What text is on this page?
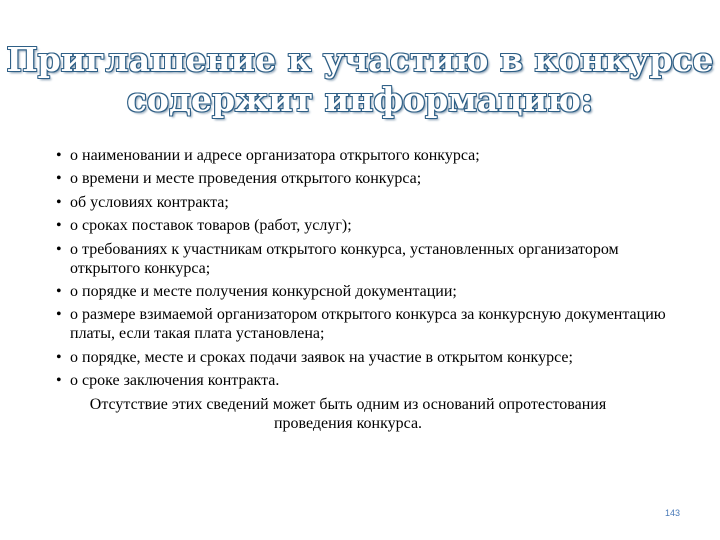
Приглашение к участию в конкурсе
содержит информацию:
• о наименовании и адресе организатора открытого конкурса;
• о времени и месте проведения открытого конкурса;
• об условиях контракта;
• о сроках поставок товаров (работ, услуг);
• о требованиях к участникам открытого конкурса, установленных организатором открытого конкурса;
• о порядке и месте получения конкурсной документации;
• о размере взимаемой организатором открытого конкурса за конкурсную документацию платы, если такая плата установлена;
• о порядке, месте и сроках подачи заявок на участие в открытом конкурсе;
• о сроке заключения контракта.
Отсутствие этих сведений может быть одним из оснований опротестования проведения конкурса.
143
